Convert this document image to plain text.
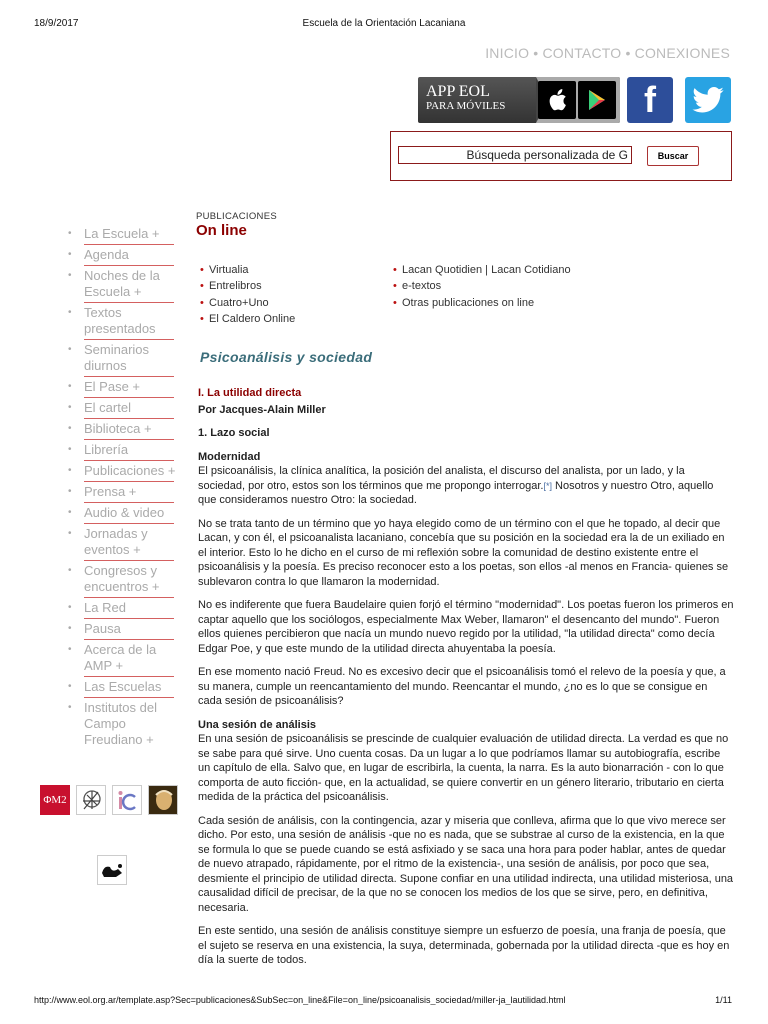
18/9/2017	Escuela de la Orientación Lacaniana
INICIO • CONTACTO • CONEXIONES
APP EOL
PARA MÓVILES	f
Búsqueda personalizada de G
Buscar
• La Escuela +
• Agenda
• Noches de la Escuela +
• Textos presentados
• Seminarios diurnos
• El Pase +
• El cartel
• Biblioteca +
• Librería
• Publicaciones +
• Prensa +
• Audio & video
• Jornadas y eventos +
• Congresos y encuentros +
• La Red
• Pausa
• Acerca de la AMP +
• Las Escuelas
• Institutos del Campo Freudiano +
ΦM2
PUBLICACIONES
On line
• Virtualia
• Entrelibros
• Cuatro+Uno
• El Caldero Online
• Lacan Quotidien | Lacan Cotidiano
• e-textos
• Otras publicaciones on line
Psicoanálisis y sociedad
I. La utilidad directa

Por Jacques-Alain Miller

1. Lazo social

Modernidad

El psicoanálisis, la clínica analítica, la posición del analista, el discurso del analista, por un lado, y la sociedad, por otro, estos son los términos que me propongo interrogar.[*] Nosotros y nuestro Otro, aquello que consideramos nuestro Otro: la sociedad.

No se trata tanto de un término que yo haya elegido como de un término con el que he topado, al decir que Lacan, y con él, el psicoanalista lacaniano, concebía que su posición en la sociedad era la de un exiliado en el interior. Esto lo he dicho en el curso de mi reflexión sobre la comunidad de destino existente entre el psicoanálisis y la poesía. Es preciso reconocer esto a los poetas, son ellos -al menos en Francia- quienes se sublevaron contra lo que llamaron la modernidad.

No es indiferente que fuera Baudelaire quien forjó el término "modernidad". Los poetas fueron los primeros en captar aquello que los sociólogos, especialmente Max Weber, llamaron" el desencanto del mundo". Fueron ellos quienes percibieron que nacía un mundo nuevo regido por la utilidad, "la utilidad directa" como decía Edgar Poe, y que este mundo de la utilidad directa ahuyentaba la poesía.

En ese momento nació Freud. No es excesivo decir que el psicoanálisis tomó el relevo de la poesía y que, a su manera, cumple un reencantamiento del mundo. Reencantar el mundo, ¿no es lo que se consigue en cada sesión de psicoanálisis?

Una sesión de análisis

En una sesión de psicoanálisis se prescinde de cualquier evaluación de utilidad directa. La verdad es que no se sabe para qué sirve. Uno cuenta cosas. Da un lugar a lo que podríamos llamar su autobiografía, escribe un capítulo de ella. Salvo que, en lugar de escribirla, la cuenta, la narra. Es la auto bionarración - con lo que comporta de auto ficción- que, en la actualidad, se quiere convertir en un género literario, tributario en cierta medida de la práctica del psicoanálisis.

Cada sesión de análisis, con la contingencia, azar y miseria que conlleva, afirma que lo que vivo merece ser dicho. Por esto, una sesión de análisis -que no es nada, que se substrae al curso de la existencia, en la que se formula lo que se puede cuando se está asfixiado y se saca una hora para poder hablar, antes de quedar de nuevo atrapado, rápidamente, por el ritmo de la existencia-, una sesión de análisis, por poco que sea, desmiente el principio de utilidad directa. Supone confiar en una utilidad indirecta, una utilidad misteriosa, una causalidad difícil de precisar, de la que no se conocen los medios de los que se sirve, pero, en definitiva, necesaria.

En este sentido, una sesión de análisis constituye siempre un esfuerzo de poesía, una franja de poesía, que el sujeto se reserva en una existencia, la suya, determinada, gobernada por la utilidad directa -que es hoy en día la suerte de todos.

http://www.eol.org.ar/template.asp?Sec=publicaciones&SubSec=on_line&File=on_line/psicoanalisis_sociedad/miller-ja_lautilidad.html	1/11
